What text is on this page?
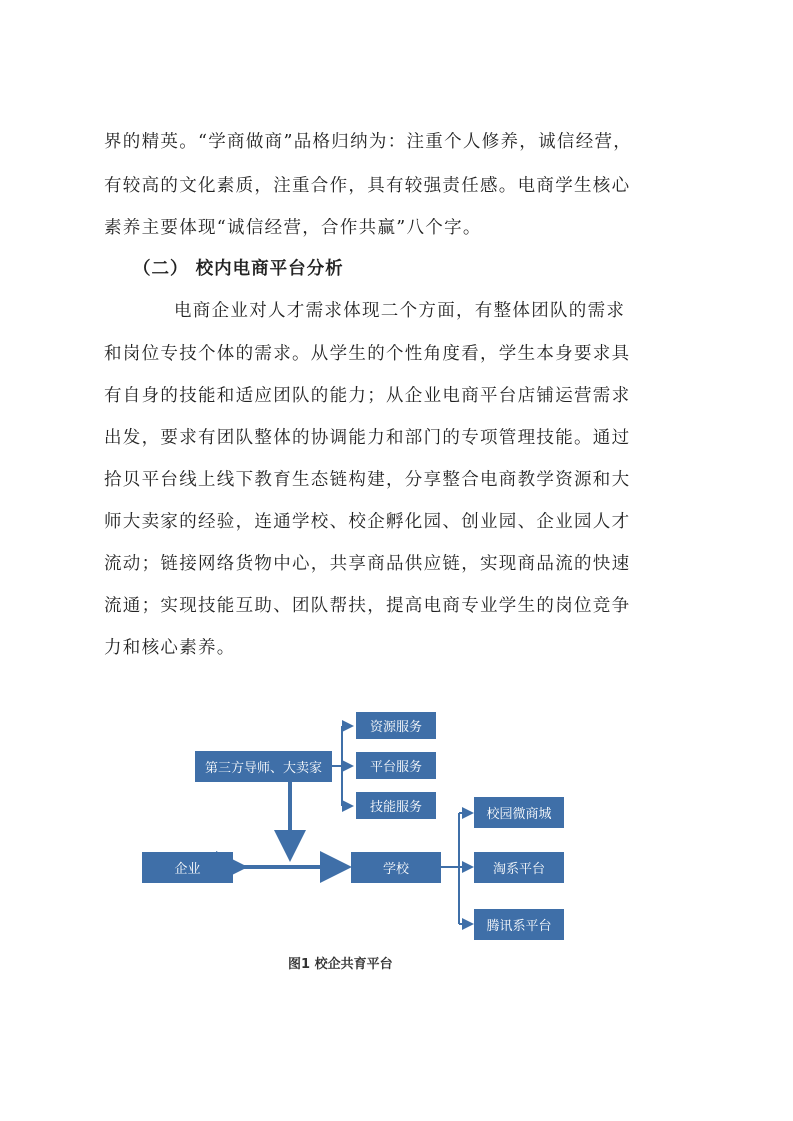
界的精英。“学商做商”品格归纳为：注重个人修养，诚信经营，
有较高的文化素质，注重合作，具有较强责任感。电商学生核心
素养主要体现“诚信经营，合作共赢”八个字。
（二） 校内电商平台分析
电商企业对人才需求体现二个方面，有整体团队的需求
和岗位专技个体的需求。从学生的个性角度看，学生本身要求具
有自身的技能和适应团队的能力；从企业电商平台店铺运营需求
出发，要求有团队整体的协调能力和部门的专项管理技能。通过
拾贝平台线上线下教育生态链构建，分享整合电商教学资源和大
师大卖家的经验，连通学校、校企孵化园、创业园、企业园人才
流动；链接网络货物中心，共享商品供应链，实现商品流的快速
流通；实现技能互助、团队帮扶，提高电商专业学生的岗位竞争
力和核心素养。
第三方导师、大卖家
资源服务
平台服务
技能服务
企业	学校
校园微商城
淘系平台
腾讯系平台
图1 校企共育平台
